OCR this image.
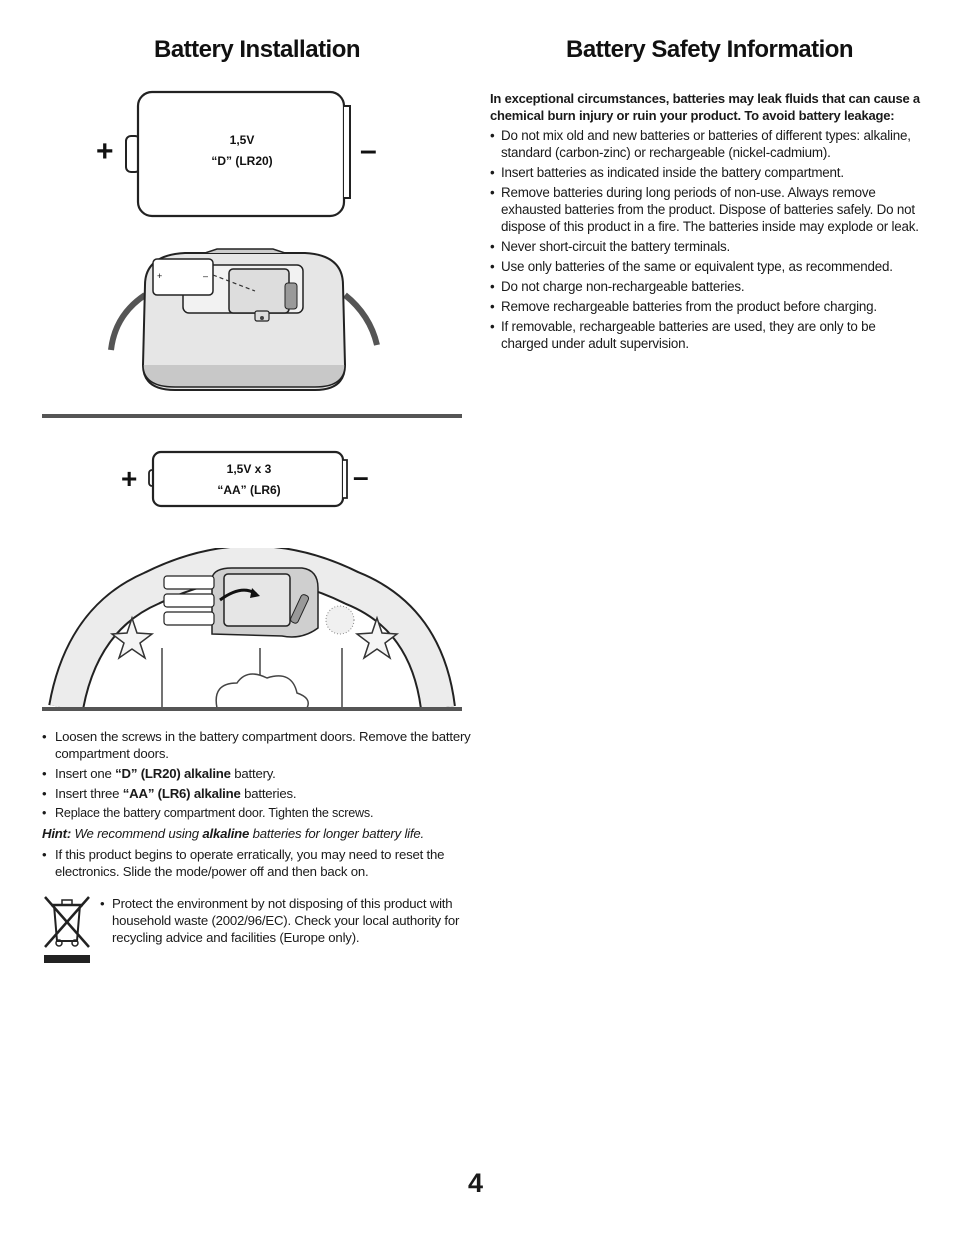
Battery Installation	Battery Safety Information
+	1,5V
“D” (LR20)	–
+	–
+	1,5V x 3
“AA” (LR6)	–

In exceptional circumstances, batteries may leak fluids that can cause a chemical burn injury or ruin your product. To avoid battery leakage:

• Do not mix old and new batteries or batteries of different types: alkaline, standard (carbon-zinc) or rechargeable (nickel-cadmium).
• Insert batteries as indicated inside the battery compartment.
• Remove batteries during long periods of non-use. Always remove exhausted batteries from the product. Dispose of batteries safely. Do not dispose of this product in a fire. The batteries inside may explode or leak.
• Never short-circuit the battery terminals.
• Use only batteries of the same or equivalent type, as recommended.
• Do not charge non-rechargeable batteries.
• Remove rechargeable batteries from the product before charging.
• If removable, rechargeable batteries are used, they are only to be charged under adult supervision.
• Loosen the screws in the battery compartment doors. Remove the battery compartment doors.
• Insert one “D” (LR20) alkaline battery.
• Insert three “AA” (LR6) alkaline batteries.
• Replace the battery compartment door. Tighten the screws.

Hint: We recommend using alkaline batteries for longer battery life.

• If this product begins to operate erratically, you may need to reset the electronics. Slide the mode/power off and then back on.
• Protect the environment by not disposing of this product with household waste (2002/96/EC). Check your local authority for recycling advice and facilities (Europe only).
4
